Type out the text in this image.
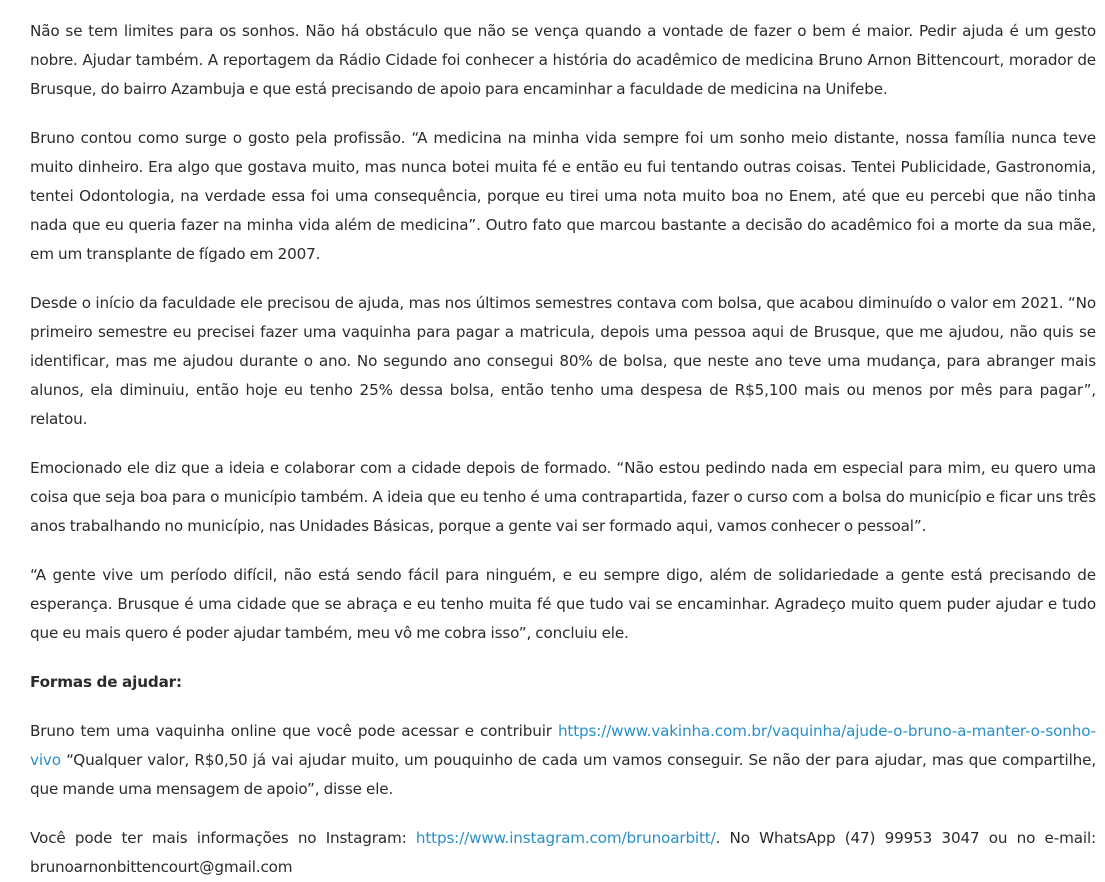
Não se tem limites para os sonhos. Não há obstáculo que não se vença quando a vontade de fazer o bem é maior. Pedir ajuda é um gesto nobre. Ajudar também. A reportagem da Rádio Cidade foi conhecer a história do acadêmico de medicina Bruno Arnon Bittencourt, morador de Brusque, do bairro Azambuja e que está precisando de apoio para encaminhar a faculdade de medicina na Unifebe.

Bruno contou como surge o gosto pela profissão. “A medicina na minha vida sempre foi um sonho meio distante, nossa família nunca teve muito dinheiro. Era algo que gostava muito, mas nunca botei muita fé e então eu fui tentando outras coisas. Tentei Publicidade, Gastronomia, tentei Odontologia, na verdade essa foi uma consequência, porque eu tirei uma nota muito boa no Enem, até que eu percebi que não tinha nada que eu queria fazer na minha vida além de medicina”. Outro fato que marcou bastante a decisão do acadêmico foi a morte da sua mãe, em um transplante de fígado em 2007.

Desde o início da faculdade ele precisou de ajuda, mas nos últimos semestres contava com bolsa, que acabou diminuído o valor em 2021. “No primeiro semestre eu precisei fazer uma vaquinha para pagar a matricula, depois uma pessoa aqui de Brusque, que me ajudou, não quis se identificar, mas me ajudou durante o ano. No segundo ano consegui 80% de bolsa, que neste ano teve uma mudança, para abranger mais alunos, ela diminuiu, então hoje eu tenho 25% dessa bolsa, então tenho uma despesa de R$5,100 mais ou menos por mês para pagar”, relatou.

Emocionado ele diz que a ideia e colaborar com a cidade depois de formado. “Não estou pedindo nada em especial para mim, eu quero uma coisa que seja boa para o município também. A ideia que eu tenho é uma contrapartida, fazer o curso com a bolsa do município e ficar uns três anos trabalhando no município, nas Unidades Básicas, porque a gente vai ser formado aqui, vamos conhecer o pessoal”.

“A gente vive um período difícil, não está sendo fácil para ninguém, e eu sempre digo, além de solidariedade a gente está precisando de esperança. Brusque é uma cidade que se abraça e eu tenho muita fé que tudo vai se encaminhar. Agradeço muito quem puder ajudar e tudo que eu mais quero é poder ajudar também, meu vô me cobra isso”, concluiu ele.

Formas de ajudar:

Bruno tem uma vaquinha online que você pode acessar e contribuir https://www.vakinha.com.br/vaquinha/ajude-o-bruno-a-manter-o-sonho-vivo “Qualquer valor, R$0,50 já vai ajudar muito, um pouquinho de cada um vamos conseguir. Se não der para ajudar, mas que compartilhe, que mande uma mensagem de apoio”, disse ele.

Você pode ter mais informações no Instagram: https://www.instagram.com/brunoarbitt/. No WhatsApp (47) 99953 3047 ou no e-mail: brunoarnonbittencourt@gmail.com
